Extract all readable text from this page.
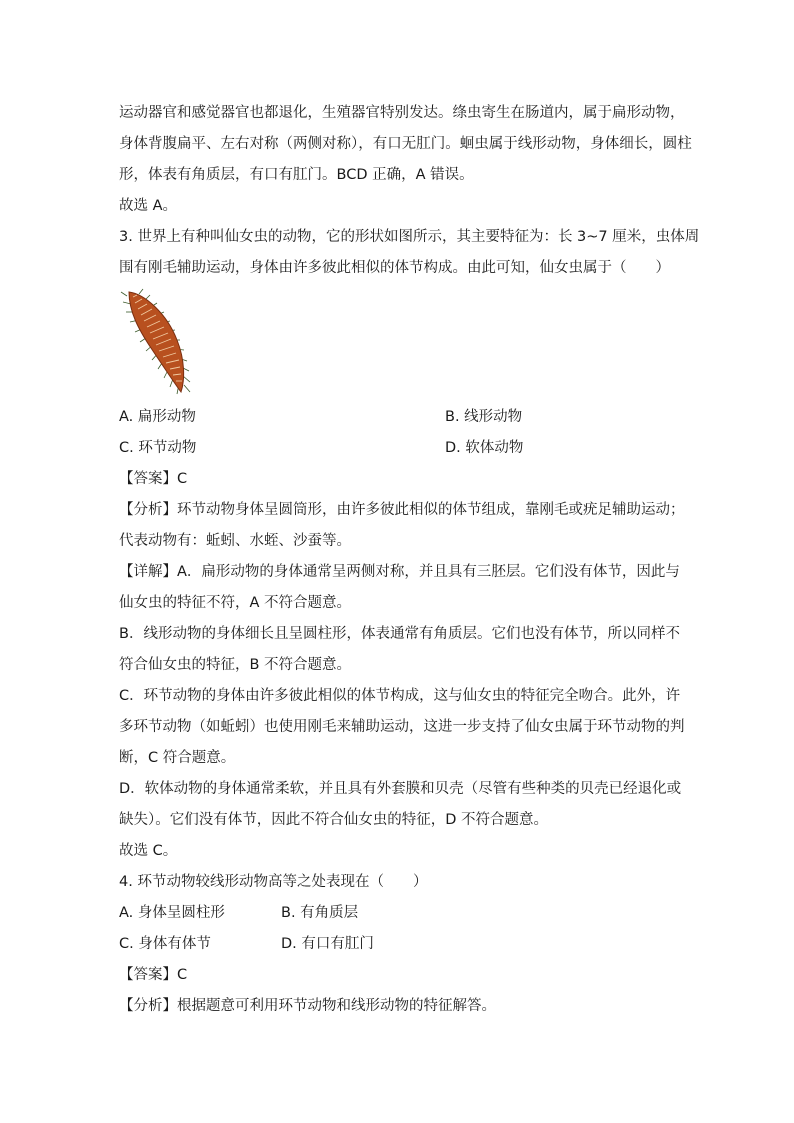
运动器官和感觉器官也都退化，生殖器官特别发达。绦虫寄生在肠道内，属于扁形动物，
身体背腹扁平、左右对称（两侧对称），有口无肛门。蛔虫属于线形动物，身体细长，圆柱
形，体表有角质层，有口有肛门。BCD 正确，A 错误。
故选 A。
3. 世界上有种叫仙女虫的动物，它的形状如图所示，其主要特征为：长 3~7 厘米，虫体周
围有刚毛辅助运动，身体由许多彼此相似的体节构成。由此可知，仙女虫属于（　　）
A. 扁形动物	B. 线形动物
C. 环节动物	D. 软体动物
【答案】C
【分析】环节动物身体呈圆筒形，由许多彼此相似的体节组成，靠刚毛或疣足辅助运动；
代表动物有：蚯蚓、水蛭、沙蚕等。
【详解】A．扁形动物的身体通常呈两侧对称，并且具有三胚层。它们没有体节，因此与
仙女虫的特征不符，A 不符合题意。
B．线形动物的身体细长且呈圆柱形，体表通常有角质层。它们也没有体节，所以同样不
符合仙女虫的特征，B 不符合题意。
C．环节动物的身体由许多彼此相似的体节构成，这与仙女虫的特征完全吻合。此外，许
多环节动物（如蚯蚓）也使用刚毛来辅助运动，这进一步支持了仙女虫属于环节动物的判
断，C 符合题意。
D．软体动物的身体通常柔软，并且具有外套膜和贝壳（尽管有些种类的贝壳已经退化或
缺失）。它们没有体节，因此不符合仙女虫的特征，D 不符合题意。
故选 C。
4. 环节动物较线形动物高等之处表现在（　　）
A. 身体呈圆柱形	B. 有角质层
C. 身体有体节	D. 有口有肛门
【答案】C
【分析】根据题意可利用环节动物和线形动物的特征解答。
